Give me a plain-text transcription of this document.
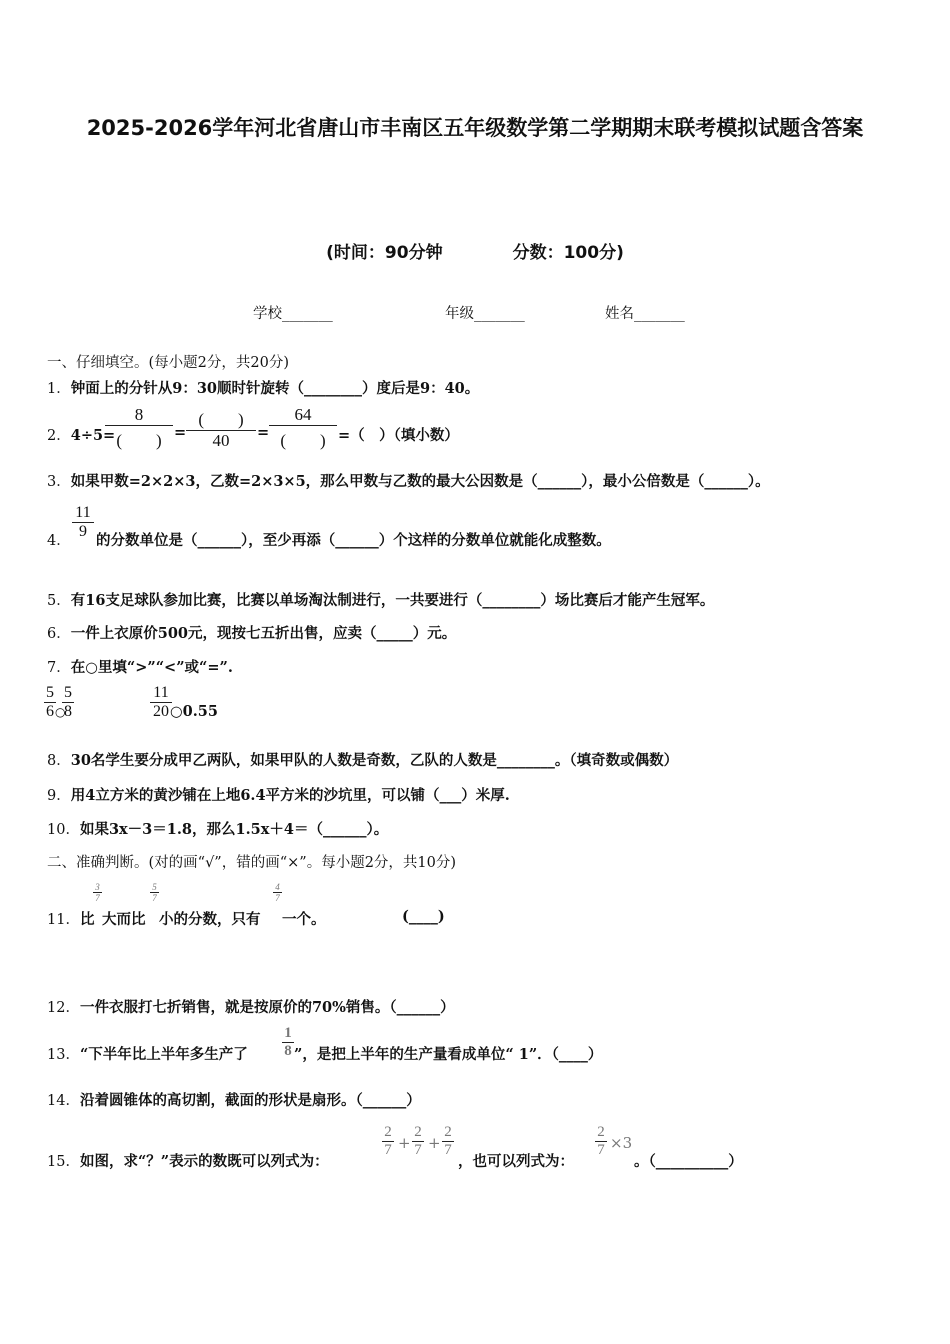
2025-2026学年河北省唐山市丰南区五年级数学第二学期期末联考模拟试题含答案
(时间：90分钟	分数：100分)
学校_______	年级_______	姓名_______
一、仔细填空。(每小题2分，共20分)
1．钟面上的分针从9：30顺时针旋转（________）度后是9：40。
2．4÷5=
8
(　　) =
(　　)
40	=
64
(　　) =（　）（填小数）
3．如果甲数=2×2×3，乙数=2×3×5，那么甲数与乙数的最大公因数是（______），最小公倍数是（______）。
4．
11
9
的分数单位是（______），至少再添（______）个这样的分数单位就能化成整数。
5．有16支足球队参加比赛，比赛以单场淘汰制进行，一共要进行（________）场比赛后才能产生冠军。
6．一件上衣原价500元，现按七五折出售，应卖（_____）元。
7．在○里填“>”“<”或“=”.
5
6 ○
5
8
11
20 ○0.55
8．30名学生要分成甲乙两队，如果甲队的人数是奇数，乙队的人数是________。（填奇数或偶数）
9．用4立方米的黄沙铺在上地6.4平方米的沙坑里，可以铺（___）米厚.
10．如果3x－3＝1.8，那么1.5x＋4＝（______）。
二、准确判断。(对的画“√”，错的画“×”。每小题2分，共10分)
11．比
3
7
大而比
5
7
小的分数，只有
4
7
一个。	(____)
12．一件衣服打七折销售，就是按原价的70%销售。（______）
13．“下半年比上半年多生产了
1
8 ”，是把上半年的生产量看成单位“ 1”．（____）
14．沿着圆锥体的高切割，截面的形状是扇形。（______）
15．如图，求“？”表示的数既可以列式为：
2
7 +
2
7 +
2
7
，也可以列式为：
2
7 ×3
。（__________）
